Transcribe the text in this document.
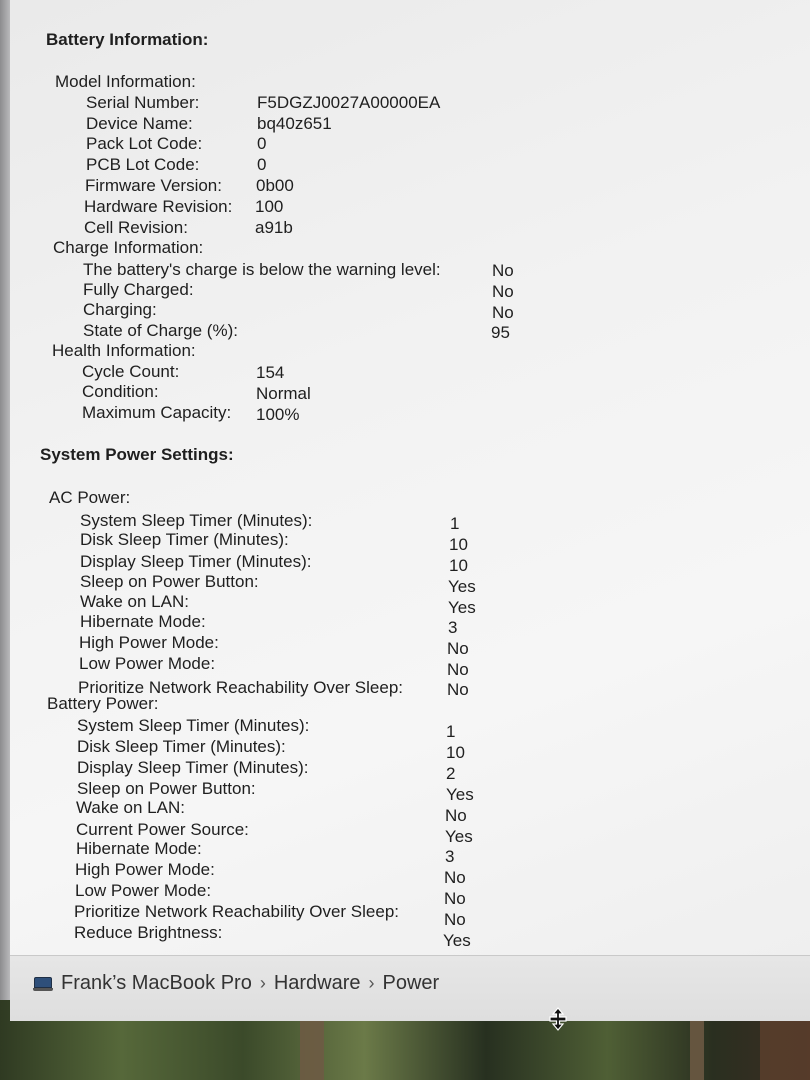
Battery Information:
Model Information:
Serial Number:	F5DGZJ0027A00000EA
Device Name:	bq40z651
Pack Lot Code:	0
PCB Lot Code:	0
Firmware Version: 0b00
Hardware Revision: 100
Cell Revision:	a91b
Charge Information:
The battery's charge is below the warning level:	No
Fully Charged:	No
Charging:	No
State of Charge (%):	95
Health Information:
Cycle Count:	154
Condition:	Normal
Maximum Capacity: 100%
System Power Settings:
AC Power:
System Sleep Timer (Minutes):	1
Disk Sleep Timer (Minutes):	10
Display Sleep Timer (Minutes):	10
Sleep on Power Button:	Yes
Wake on LAN:	Yes
Hibernate Mode:	3
High Power Mode:	No
Low Power Mode:	No
Prioritize Network Reachability Over Sleep:	No
Battery Power:
System Sleep Timer (Minutes):	1
Disk Sleep Timer (Minutes):	10
Display Sleep Timer (Minutes):	2
Sleep on Power Button:	Yes
Wake on LAN:	No
Current Power Source:	Yes
Hibernate Mode:	3
High Power Mode:	No
Low Power Mode:	No
Prioritize Network Reachability Over Sleep:	No
Reduce Brightness:	Yes
Frank’s MacBook Pro › Hardware › Power
